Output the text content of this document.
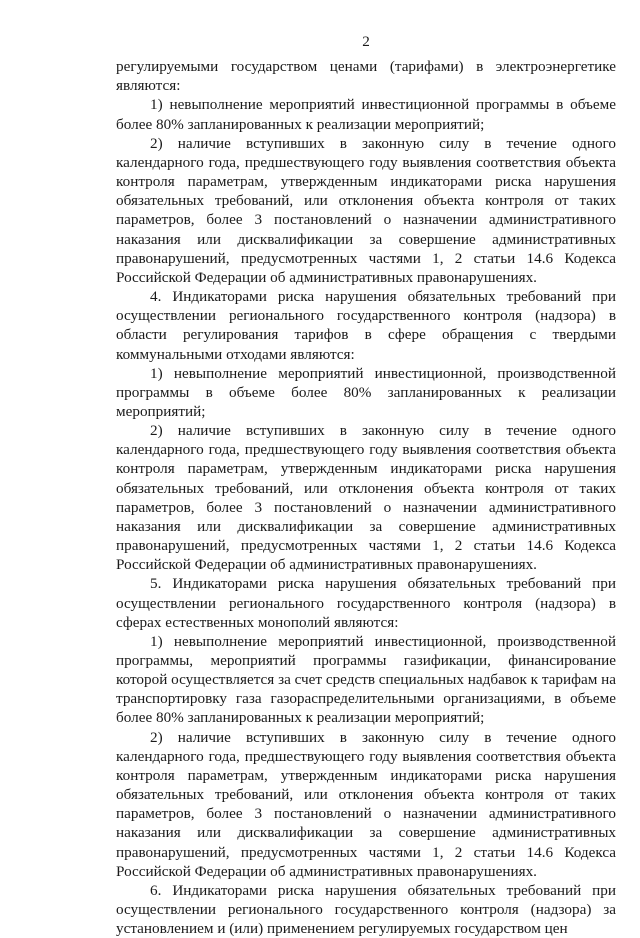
2

регулируемыми государством ценами (тарифами) в электроэнергетике являются:

1) невыполнение мероприятий инвестиционной программы в объеме более 80% запланированных к реализации мероприятий;

2) наличие вступивших в законную силу в течение одного календарного года, предшествующего году выявления соответствия объекта контроля параметрам, утвержденным индикаторами риска нарушения обязательных требований, или отклонения объекта контроля от таких параметров, более 3 постановлений о назначении административного наказания или дисквалификации за совершение административных правонарушений, предусмотренных частями 1, 2 статьи 14.6 Кодекса Российской Федерации об административных правонарушениях.

4. Индикаторами риска нарушения обязательных требований при осуществлении регионального государственного контроля (надзора) в области регулирования тарифов в сфере обращения с твердыми коммунальными отходами являются:

1) невыполнение мероприятий инвестиционной, производственной программы в объеме более 80% запланированных к реализации мероприятий;

2) наличие вступивших в законную силу в течение одного календарного года, предшествующего году выявления соответствия объекта контроля параметрам, утвержденным индикаторами риска нарушения обязательных требований, или отклонения объекта контроля от таких параметров, более 3 постановлений о назначении административного наказания или дисквалификации за совершение административных правонарушений, предусмотренных частями 1, 2 статьи 14.6 Кодекса Российской Федерации об административных правонарушениях.

5. Индикаторами риска нарушения обязательных требований при осуществлении регионального государственного контроля (надзора) в сферах естественных монополий являются:

1) невыполнение мероприятий инвестиционной, производственной программы, мероприятий программы газификации, финансирование которой осуществляется за счет средств специальных надбавок к тарифам на транспортировку газа газораспределительными организациями, в объеме более 80% запланированных к реализации мероприятий;

2) наличие вступивших в законную силу в течение одного календарного года, предшествующего году выявления соответствия объекта контроля параметрам, утвержденным индикаторами риска нарушения обязательных требований, или отклонения объекта контроля от таких параметров, более 3 постановлений о назначении административного наказания или дисквалификации за совершение административных правонарушений, предусмотренных частями 1, 2 статьи 14.6 Кодекса Российской Федерации об административных правонарушениях.

6. Индикаторами риска нарушения обязательных требований при осуществлении регионального государственного контроля (надзора) за установлением и (или) применением регулируемых государством цен
